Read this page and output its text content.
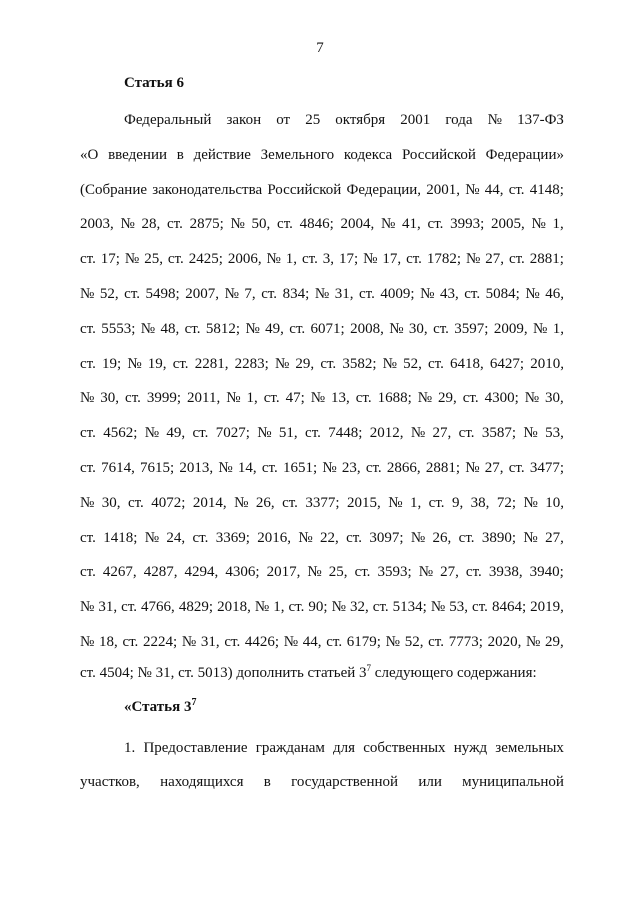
7
Статья 6
Федеральный закон от 25 октября 2001 года № 137-ФЗ
«О введении в действие Земельного кодекса Российской Федерации»
(Собрание законодательства Российской Федерации, 2001, № 44, ст. 4148;
2003, № 28, ст. 2875; № 50, ст. 4846; 2004, № 41, ст. 3993; 2005, № 1,
ст. 17; № 25, ст. 2425; 2006, № 1, ст. 3, 17; № 17, ст. 1782; № 27, ст. 2881;
№ 52, ст. 5498; 2007, № 7, ст. 834; № 31, ст. 4009; № 43, ст. 5084; № 46,
ст. 5553; № 48, ст. 5812; № 49, ст. 6071; 2008, № 30, ст. 3597; 2009, № 1,
ст. 19; № 19, ст. 2281, 2283; № 29, ст. 3582; № 52, ст. 6418, 6427; 2010,
№ 30, ст. 3999; 2011, № 1, ст. 47; № 13, ст. 1688; № 29, ст. 4300; № 30,
ст. 4562; № 49, ст. 7027; № 51, ст. 7448; 2012, № 27, ст. 3587; № 53,
ст. 7614, 7615; 2013, № 14, ст. 1651; № 23, ст. 2866, 2881; № 27, ст. 3477;
№ 30, ст. 4072; 2014, № 26, ст. 3377; 2015, № 1, ст. 9, 38, 72; № 10,
ст. 1418; № 24, ст. 3369; 2016, № 22, ст. 3097; № 26, ст. 3890; № 27,
ст. 4267, 4287, 4294, 4306; 2017, № 25, ст. 3593; № 27, ст. 3938, 3940;
№ 31, ст. 4766, 4829; 2018, № 1, ст. 90; № 32, ст. 5134; № 53, ст. 8464; 2019,
№ 18, ст. 2224; № 31, ст. 4426; № 44, ст. 6179; № 52, ст. 7773; 2020, № 29,
ст. 4504; № 31, ст. 5013) дополнить статьей $3^7$ следующего содержания:
«Статья $3^7$
1. Предоставление гражданам для собственных нужд земельных
участков, находящихся в государственной или муниципальной
